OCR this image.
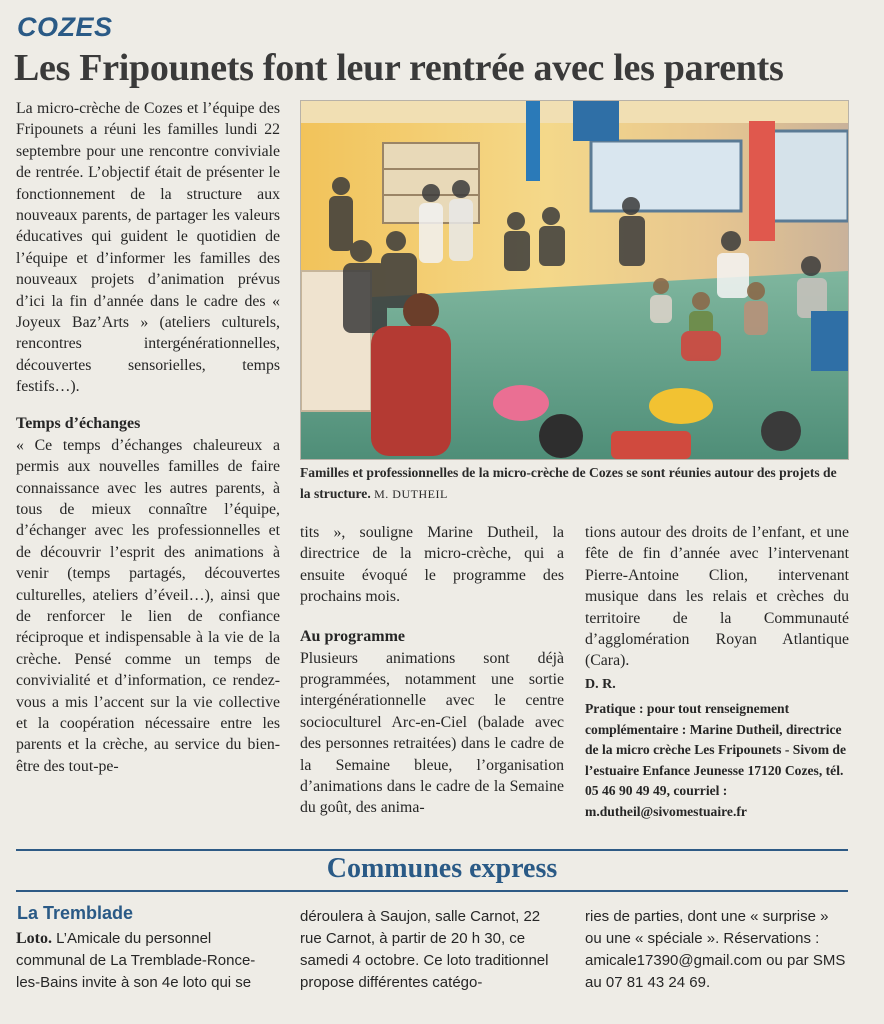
COZES
Les Fripounets font leur rentrée avec les parents

La micro-crèche de Cozes et l’équipe des Fripounets a réuni les familles lundi 22 septembre pour une rencontre conviviale de rentrée. L’objectif était de présenter le fonctionnement de la structure aux nouveaux parents, de partager les valeurs éducatives qui guident le quotidien de l’équipe et d’informer les familles des nouveaux projets d’animation prévus d’ici la fin d’année dans le cadre des « Joyeux Baz’Arts » (ateliers culturels, rencontres intergénérationnelles, découvertes sensorielles, temps festifs…).

Temps d’échanges

« Ce temps d’échanges chaleureux a permis aux nouvelles familles de faire connaissance avec les autres parents, à tous de mieux connaître l’équipe, d’échanger avec les professionnelles et de découvrir l’esprit des animations à venir (temps partagés, découvertes culturelles, ateliers d’éveil…), ainsi que de renforcer le lien de confiance réciproque et indispensable à la vie de la crèche. Pensé comme un temps de convivialité et d’information, ce rendez-vous a mis l’accent sur la vie collective et la coopération nécessaire entre les parents et la crèche, au service du bien-être des tout-pe-

Familles et professionnelles de la micro-crèche de Cozes se sont réunies autour des projets de la structure. M. DUTHEIL

tits », souligne Marine Dutheil, la directrice de la micro-crèche, qui a ensuite évoqué le programme des prochains mois.

Au programme

Plusieurs animations sont déjà programmées, notamment une sortie intergénérationnelle avec le centre socioculturel Arc-en-Ciel (balade avec des personnes retraitées) dans le cadre de la Semaine bleue, l’organisation d’animations dans le cadre de la Semaine du goût, des anima-

tions autour des droits de l’enfant, et une fête de fin d’année avec l’intervenant Pierre-Antoine Clion, intervenant musique dans les relais et crèches du territoire de la Communauté d’agglomération Royan Atlantique (Cara).

D. R.

Pratique : pour tout renseignement complémentaire : Marine Dutheil, directrice de la micro crèche Les Fripounets - Sivom de l’estuaire Enfance Jeunesse 17120 Cozes, tél. 05 46 90 49 49, courriel : m.dutheil@sivomestuaire.fr

Communes express
La Tremblade
Loto. L’Amicale du personnel communal de La Tremblade-Ronce-les-Bains invite à son 4e loto qui se
déroulera à Saujon, salle Carnot, 22 rue Carnot, à partir de 20 h 30, ce samedi 4 octobre. Ce loto traditionnel propose différentes catégo-
ries de parties, dont une « surprise » ou une « spéciale ». Réservations : amicale17390@gmail.com ou par SMS au 07 81 43 24 69.
